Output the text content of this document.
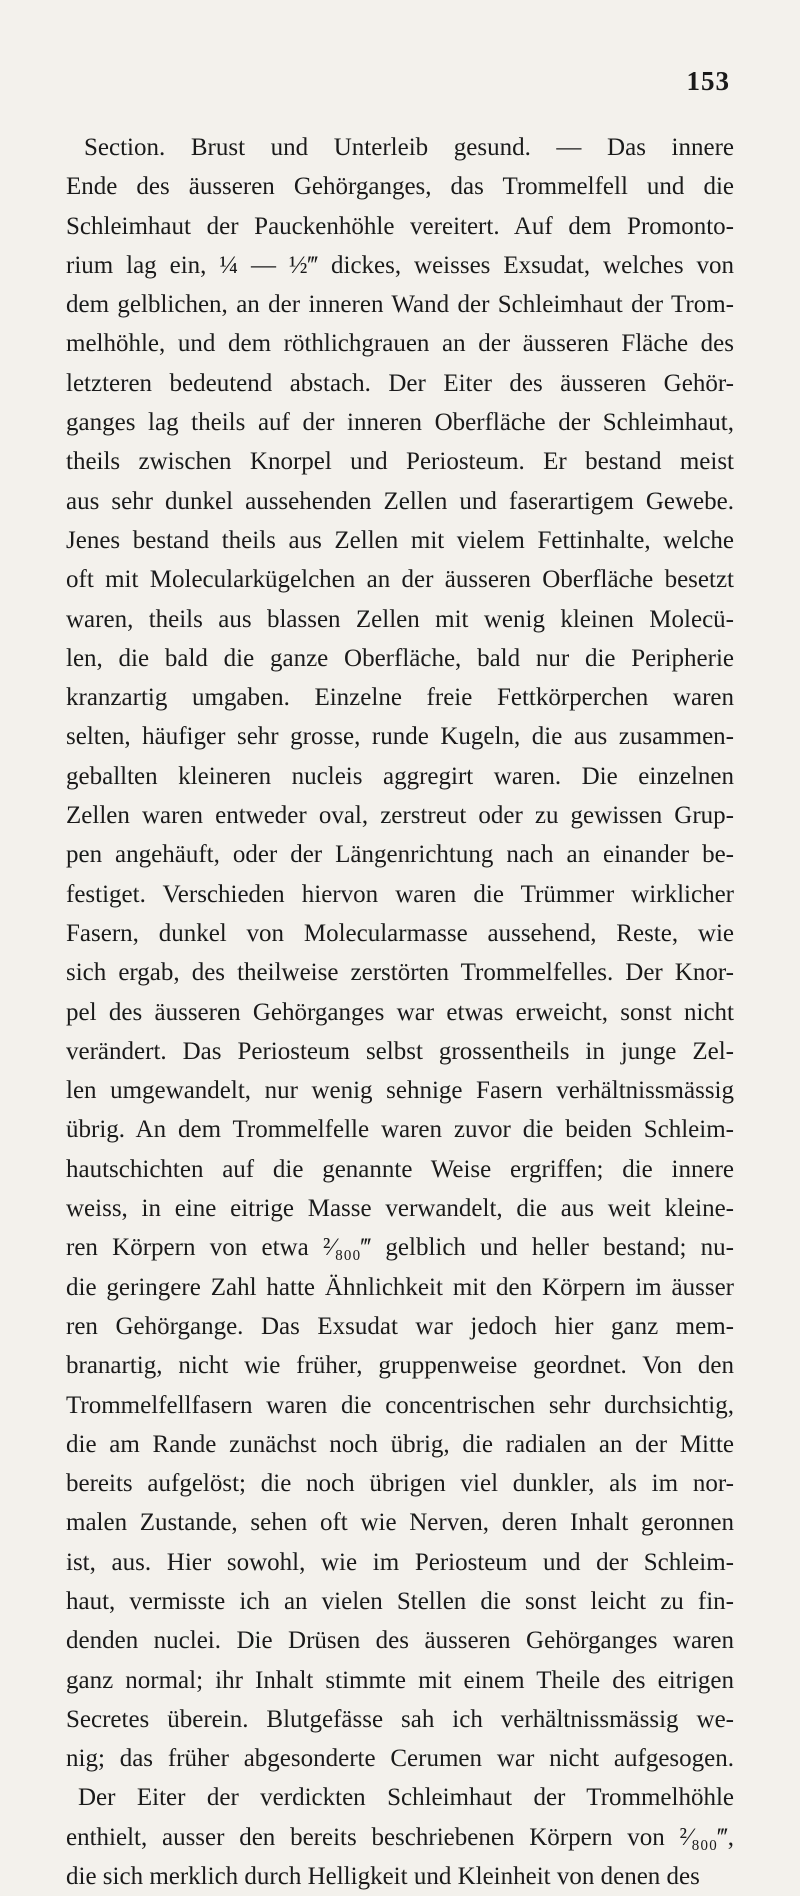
153
Section. Brust und Unterleib gesund. — Das innere
Ende des äusseren Gehörganges, das Trommelfell und die
Schleimhaut der Pauckenhöhle vereitert. Auf dem Promonto-
rium lag ein, ¼ — ½‴ dickes, weisses Exsudat, welches von
dem gelblichen, an der inneren Wand der Schleimhaut der Trom-
melhöhle, und dem röthlichgrauen an der äusseren Fläche des
letzteren bedeutend abstach. Der Eiter des äusseren Gehör-
ganges lag theils auf der inneren Oberfläche der Schleimhaut,
theils zwischen Knorpel und Periosteum. Er bestand meist
aus sehr dunkel aussehenden Zellen und faserartigem Gewebe.
Jenes bestand theils aus Zellen mit vielem Fettinhalte, welche
oft mit Molecularkügelchen an der äusseren Oberfläche besetzt
waren, theils aus blassen Zellen mit wenig kleinen Molecü-
len, die bald die ganze Oberfläche, bald nur die Peripherie
kranzartig umgaben. Einzelne freie Fettkörperchen waren
selten, häufiger sehr grosse, runde Kugeln, die aus zusammen-
geballten kleineren nucleis aggregirt waren. Die einzelnen
Zellen waren entweder oval, zerstreut oder zu gewissen Grup-
pen angehäuft, oder der Längenrichtung nach an einander be-
festiget. Verschieden hiervon waren die Trümmer wirklicher
Fasern, dunkel von Molecularmasse aussehend, Reste, wie
sich ergab, des theilweise zerstörten Trommelfelles. Der Knor-
pel des äusseren Gehörganges war etwas erweicht, sonst nicht
verändert. Das Periosteum selbst grossentheils in junge Zel-
len umgewandelt, nur wenig sehnige Fasern verhältnissmässig
übrig. An dem Trommelfelle waren zuvor die beiden Schleim-
hautschichten auf die genannte Weise ergriffen; die innere
weiss, in eine eitrige Masse verwandelt, die aus weit kleine-
ren Körpern von etwa ²⁄₈₀₀‴ gelblich und heller bestand; nu-
die geringere Zahl hatte Ähnlichkeit mit den Körpern im äusser
ren Gehörgange. Das Exsudat war jedoch hier ganz mem-
branartig, nicht wie früher, gruppenweise geordnet. Von den
Trommelfellfasern waren die concentrischen sehr durchsichtig,
die am Rande zunächst noch übrig, die radialen an der Mitte
bereits aufgelöst; die noch übrigen viel dunkler, als im nor-
malen Zustande, sehen oft wie Nerven, deren Inhalt geronnen
ist, aus. Hier sowohl, wie im Periosteum und der Schleim-
haut, vermisste ich an vielen Stellen die sonst leicht zu fin-
denden nuclei. Die Drüsen des äusseren Gehörganges waren
ganz normal; ihr Inhalt stimmte mit einem Theile des eitrigen
Secretes überein. Blutgefässe sah ich verhältnissmässig we-
nig; das früher abgesonderte Cerumen war nicht aufgesogen.
Der Eiter der verdickten Schleimhaut der Trommelhöhle
enthielt, ausser den bereits beschriebenen Körpern von ²⁄₈₀₀‴,
die sich merklich durch Helligkeit und Kleinheit von denen des
